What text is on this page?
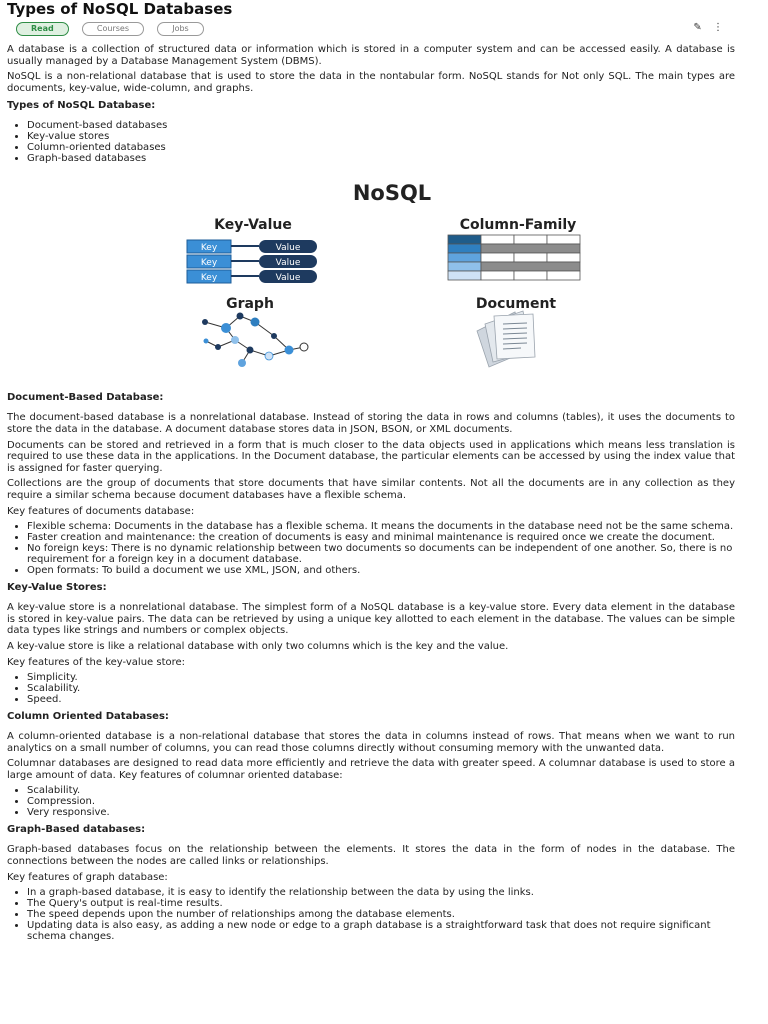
Types of NoSQL Databases
Read	Courses	Jobs	✎ ⋮

A database is a collection of structured data or information which is stored in a computer system and can be accessed easily. A database is usually managed by a Database Management System (DBMS).

NoSQL is a non-relational database that is used to store the data in the nontabular form. NoSQL stands for Not only SQL. The main types are documents, key-value, wide-column, and graphs.

Types of NoSQL Database:
• Document-based databases
• Key-value stores
• Column-oriented databases
• Graph-based databases
NoSQL
Key-Value	Column-Family
Graph	Document
Key	Value
Key	Value
Key	Value
Document-Based Database:

The document-based database is a nonrelational database. Instead of storing the data in rows and columns (tables), it uses the documents to store the data in the database. A document database stores data in JSON, BSON, or XML documents.

Documents can be stored and retrieved in a form that is much closer to the data objects used in applications which means less translation is required to use these data in the applications. In the Document database, the particular elements can be accessed by using the index value that is assigned for faster querying.

Collections are the group of documents that store documents that have similar contents. Not all the documents are in any collection as they require a similar schema because document databases have a flexible schema.

Key features of documents database:

• Flexible schema: Documents in the database has a flexible schema. It means the documents in the database need not be the same schema.
• Faster creation and maintenance: the creation of documents is easy and minimal maintenance is required once we create the document.
• No foreign keys: There is no dynamic relationship between two documents so documents can be independent of one another. So, there is no requirement for a foreign key in a document database.
• Open formats: To build a document we use XML, JSON, and others.
Key-Value Stores:

A key-value store is a nonrelational database. The simplest form of a NoSQL database is a key-value store. Every data element in the database is stored in key-value pairs. The data can be retrieved by using a unique key allotted to each element in the database. The values can be simple data types like strings and numbers or complex objects.

A key-value store is like a relational database with only two columns which is the key and the value.

Key features of the key-value store:

• Simplicity.
• Scalability.
• Speed.
Column Oriented Databases:

A column-oriented database is a non-relational database that stores the data in columns instead of rows. That means when we want to run analytics on a small number of columns, you can read those columns directly without consuming memory with the unwanted data.

Columnar databases are designed to read data more efficiently and retrieve the data with greater speed. A columnar database is used to store a large amount of data. Key features of columnar oriented database:

• Scalability.
• Compression.
• Very responsive.
Graph-Based databases:

Graph-based databases focus on the relationship between the elements. It stores the data in the form of nodes in the database. The connections between the nodes are called links or relationships.

Key features of graph database:

• In a graph-based database, it is easy to identify the relationship between the data by using the links.
• The Query's output is real-time results.
• The speed depends upon the number of relationships among the database elements.
• Updating data is also easy, as adding a new node or edge to a graph database is a straightforward task that does not require significant schema changes.
